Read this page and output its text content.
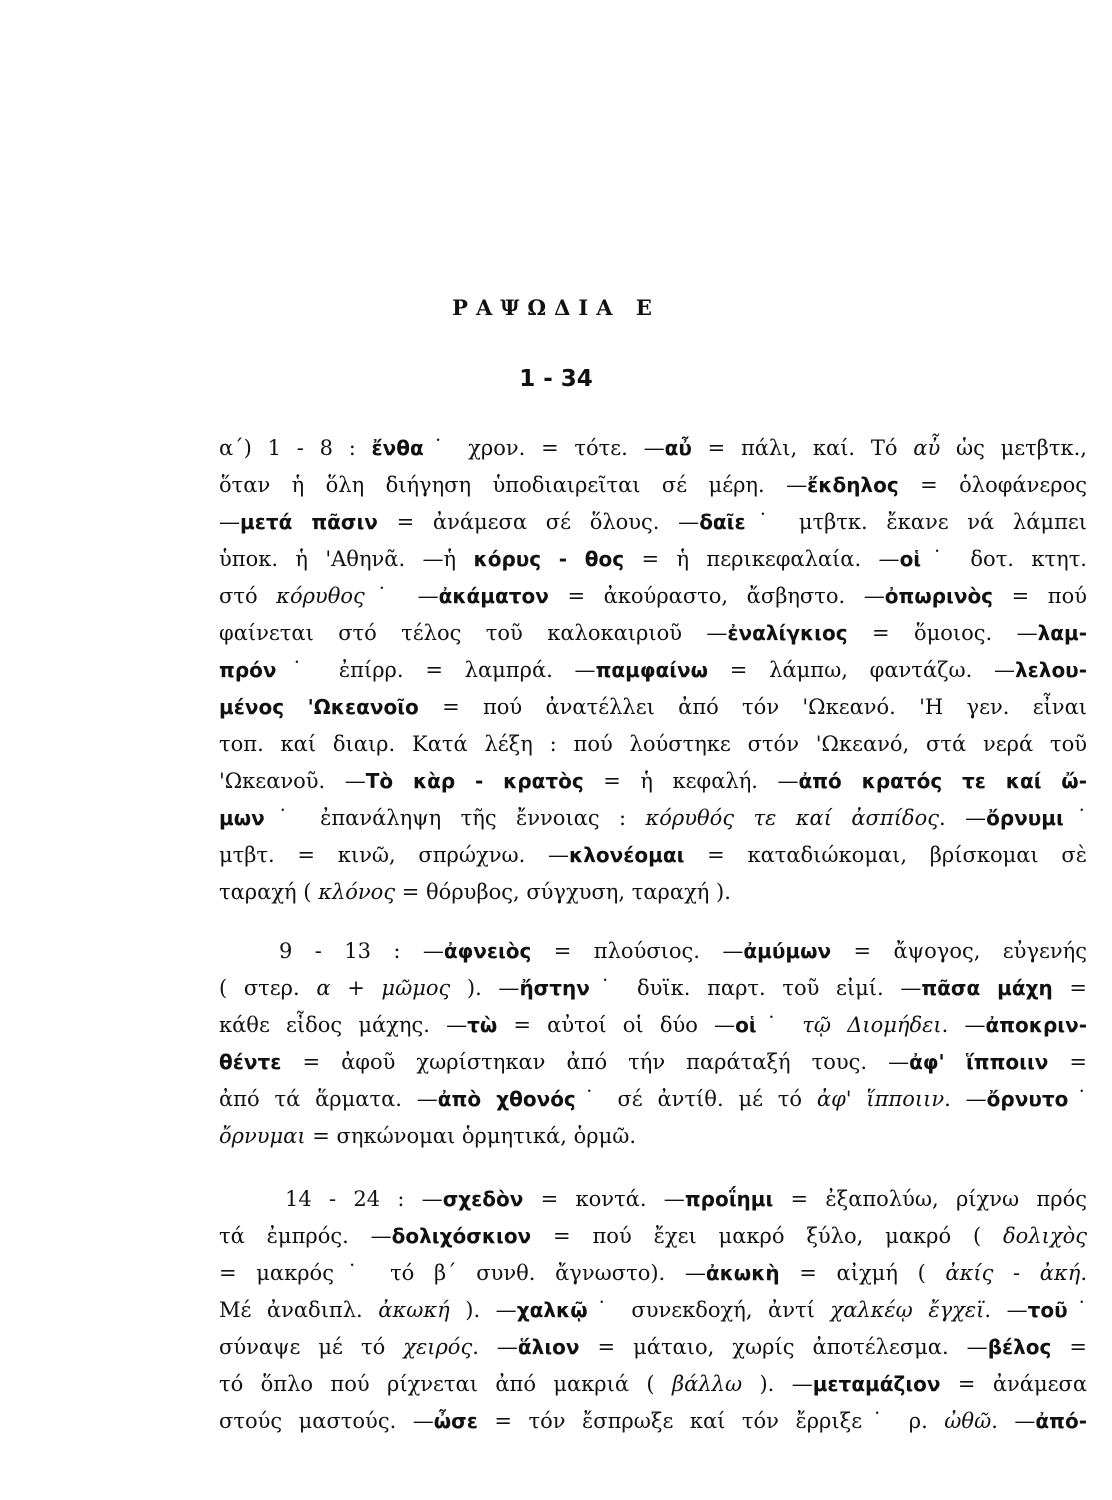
ΡΑΨΩΔΙΑ Ε
1 - 34
α΄) 1 - 8 : ἔνθα˙ χρον. = τότε. —αὖ = πάλι, καί. Τό αὖ ὡς μετβτκ.,
ὅταν ἡ ὅλη διήγηση ὑποδιαιρεῖται σέ μέρη. —ἔκδηλος = ὁλοφάνερος
—μετά πᾶσιν = ἀνάμεσα σέ ὅλους. —δαῖε˙ μτβτκ. ἔκανε νά λάμπει
ὑποκ. ἡ 'Αθηνᾶ. —ἡ κόρυς - θος = ἡ περικεφαλαία. —οἱ˙ δοτ. κτητ.
στό κόρυθος˙ —ἀκάματον = ἀκούραστο, ἄσβηστο. —ὀπωρινὸς = πού
φαίνεται στό τέλος τοῦ καλοκαιριοῦ —ἐναλίγκιος = ὅμοιος. —λαμ-
πρόν˙ ἐπίρρ. = λαμπρά. —παμφαίνω = λάμπω, φαντάζω. —λελου-
μένος 'Ωκεανοῖο = πού ἀνατέλλει ἀπό τόν 'Ωκεανό. 'Η γεν. εἶναι
τοπ. καί διαιρ. Κατά λέξη : πού λούστηκε στόν 'Ωκεανό, στά νερά τοῦ
'Ωκεανοῦ. —Τὸ κὰρ - κρατὸς = ἡ κεφαλή. —ἀπό κρατός τε καί ὤ-
μων˙ ἐπανάληψη τῆς ἔννοιας : κόρυθός τε καί ἀσπίδος. —ὄρνυμι˙
μτβτ. = κινῶ, σπρώχνω. —κλονέομαι = καταδιώκομαι, βρίσκομαι σὲ
ταραχή ( κλόνος = θόρυβος, σύγχυση, ταραχή ).
9 - 13 : —ἀφνειὸς = πλούσιος. —ἀμύμων = ἄψογος, εὐγενής
( στερ. α + μῶμος ). —ἤστην˙ δυϊκ. παρτ. τοῦ εἰμί. —πᾶσα μάχη =
κάθε εἶδος μάχης. —τὼ = αὐτοί οἱ δύο —οἱ˙ τῷ Διομήδει. —ἀποκριν-
θέντε = ἀφοῦ χωρίστηκαν ἀπό τήν παράταξή τους. —ἀφ' ἵπποιιν =
ἀπό τά ἅρματα. —ἀπὸ χθονός˙ σέ ἀντίθ. μέ τό ἀφ' ἵπποιιν. —ὄρνυτο˙
ὄρνυμαι = σηκώνομαι ὁρμητικά, ὁρμῶ.
14 - 24 : —σχεδὸν = κοντά. —προΐημι = ἐξαπολύω, ρίχνω πρός
τά ἐμπρός. —δολιχόσκιον = πού ἔχει μακρό ξύλο, μακρό ( δολιχὸς
= μακρός˙ τό β΄ συνθ. ἄγνωστο). —ἀκωκὴ = αἰχμή ( ἀκίς - ἀκή.
Μέ ἀναδιπλ. ἀκωκή ). —χαλκῷ˙ συνεκδοχή, ἀντί χαλκέῳ ἔγχεϊ. —τοῦ˙
σύναψε μέ τό χειρός. —ἅλιον = μάταιο, χωρίς ἀποτέλεσμα. —βέλος =
τό ὅπλο πού ρίχνεται ἀπό μακριά ( βάλλω ). —μεταμάζιον = ἀνάμεσα
στούς μαστούς. —ὦσε = τόν ἔσπρωξε καί τόν ἔρριξε˙ ρ. ὠθῶ. —ἀπό-
